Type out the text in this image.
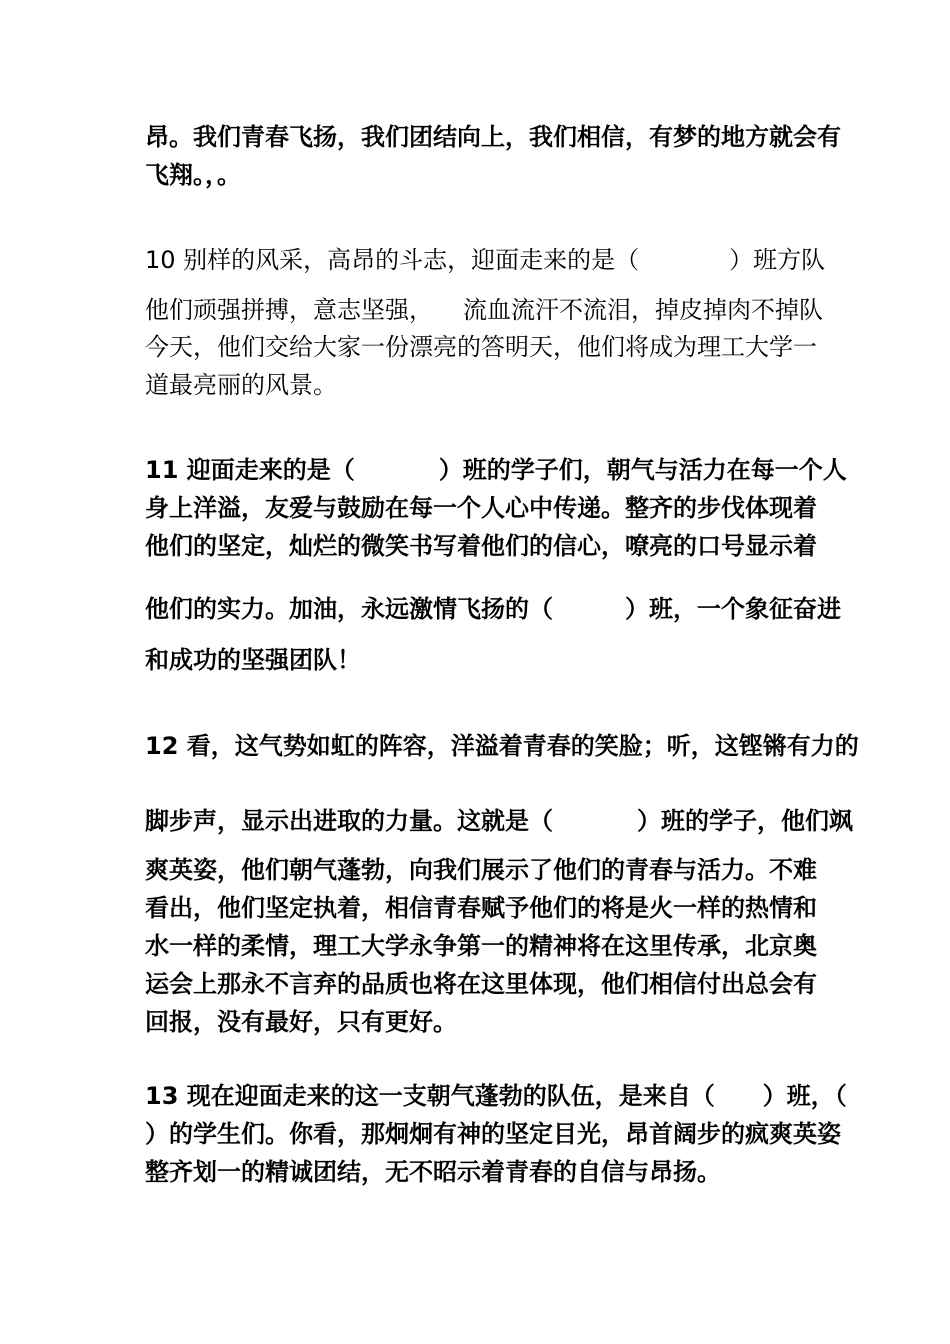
昂。我们青春飞扬，我们团结向上，我们相信，有梦的地方就会有
飞翔。，。
10 别样的风采，高昂的斗志，迎面走来的是（	）班方队
他们顽强拼搏，意志坚强， 流血流汗不流泪，掉皮掉肉不掉队
今天，他们交给大家一份漂亮的答明天，他们将成为理工大学一
道最亮丽的风景。
11 迎面走来的是（	）班的学子们，朝气与活力在每一个人
身上洋溢，友爱与鼓励在每一个人心中传递。整齐的步伐体现着
他们的坚定，灿烂的微笑书写着他们的信心，嘹亮的口号显示着
他们的实力。加油，永远激情飞扬的（	）班，一个象征奋进
和成功的坚强团队！
12 看，这气势如虹的阵容，洋溢着青春的笑脸；听，这铿锵有力的
脚步声，显示出进取的力量。这就是（	）班的学子，他们飒
爽英姿，他们朝气蓬勃，向我们展示了他们的青春与活力。不难
看出，他们坚定执着，相信青春赋予他们的将是火一样的热情和
水一样的柔情，理工大学永争第一的精神将在这里传承，北京奥
运会上那永不言弃的品质也将在这里体现，他们相信付出总会有
回报，没有最好，只有更好。
13 现在迎面走来的这一支朝气蓬勃的队伍，是来自（ ）班，（
）的学生们。你看，那炯炯有神的坚定目光，昂首阔步的疯爽英姿
整齐划一的精诚团结，无不昭示着青春的自信与昂扬。
